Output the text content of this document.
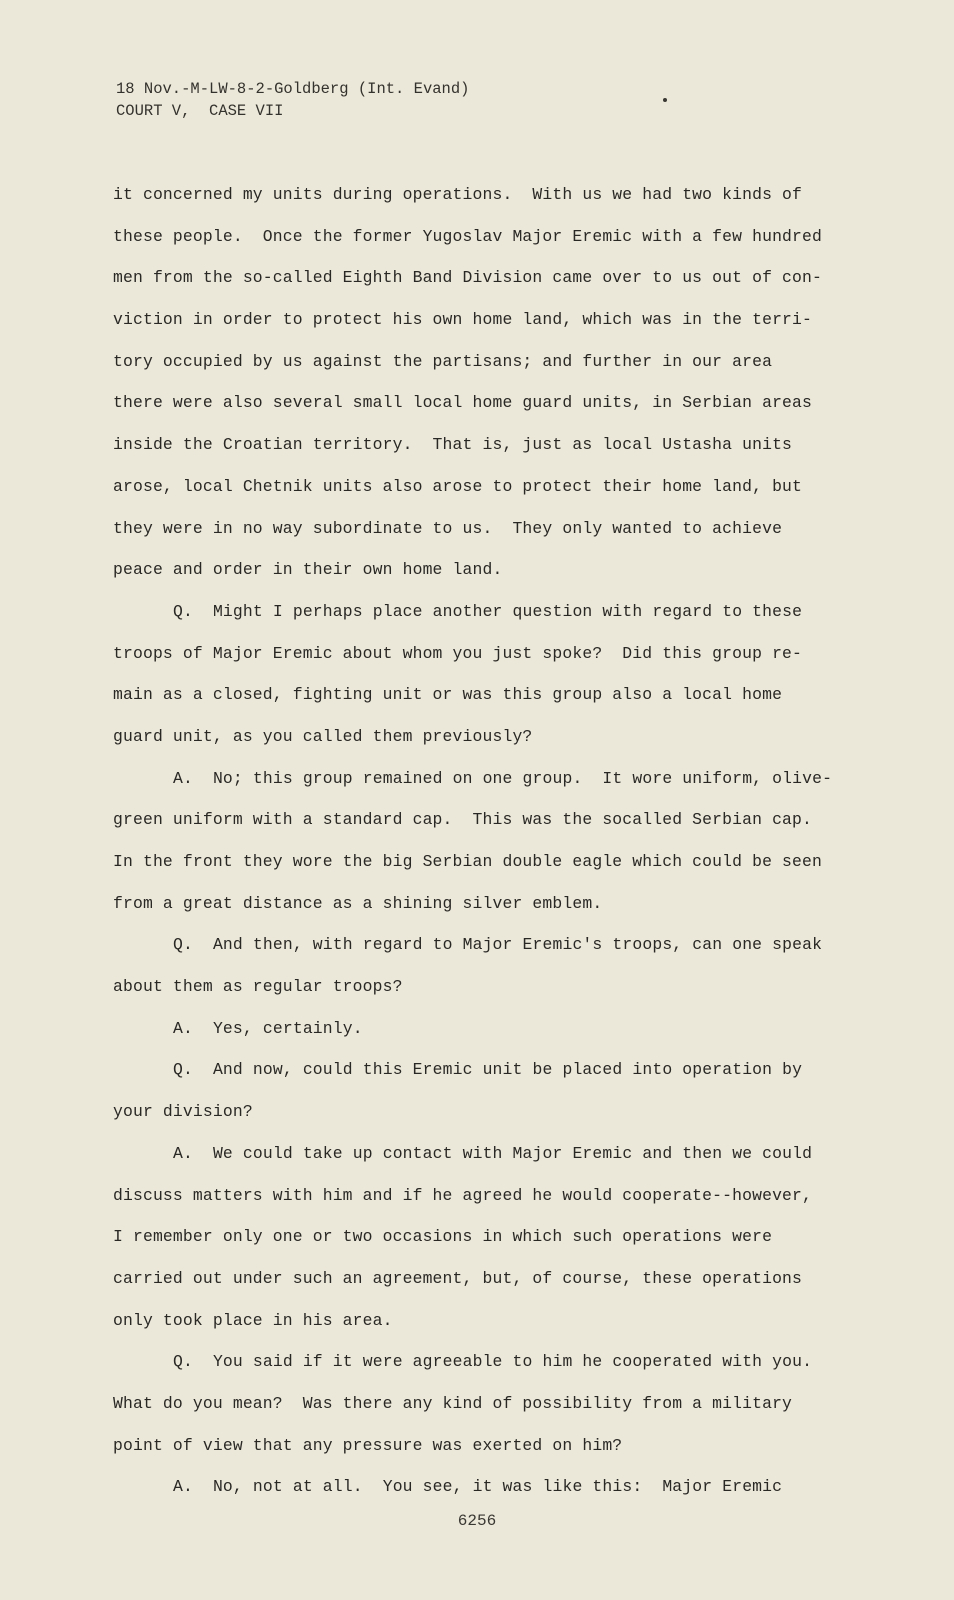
18 Nov.-M-LW-8-2-Goldberg (Int. Evand)
COURT V,  CASE VII
it concerned my units during operations.  With us we had two kinds of
these people.  Once the former Yugoslav Major Eremic with a few hundred
men from the so-called Eighth Band Division came over to us out of con-
viction in order to protect his own home land, which was in the terri-
tory occupied by us against the partisans; and further in our area
there were also several small local home guard units, in Serbian areas
inside the Croatian territory.  That is, just as local Ustasha units
arose, local Chetnik units also arose to protect their home land, but
they were in no way subordinate to us.  They only wanted to achieve
peace and order in their own home land.
Q.  Might I perhaps place another question with regard to these
troops of Major Eremic about whom you just spoke?  Did this group re-
main as a closed, fighting unit or was this group also a local home
guard unit, as you called them previously?
A.  No; this group remained on one group.  It wore uniform, olive-
green uniform with a standard cap.  This was the socalled Serbian cap.
In the front they wore the big Serbian double eagle which could be seen
from a great distance as a shining silver emblem.
Q.  And then, with regard to Major Eremic's troops, can one speak
about them as regular troops?
A.  Yes, certainly.
Q.  And now, could this Eremic unit be placed into operation by
your division?
A.  We could take up contact with Major Eremic and then we could
discuss matters with him and if he agreed he would cooperate--however,
I remember only one or two occasions in which such operations were
carried out under such an agreement, but, of course, these operations
only took place in his area.
Q.  You said if it were agreeable to him he cooperated with you.
What do you mean?  Was there any kind of possibility from a military
point of view that any pressure was exerted on him?
A.  No, not at all.  You see, it was like this:  Major Eremic
6256
